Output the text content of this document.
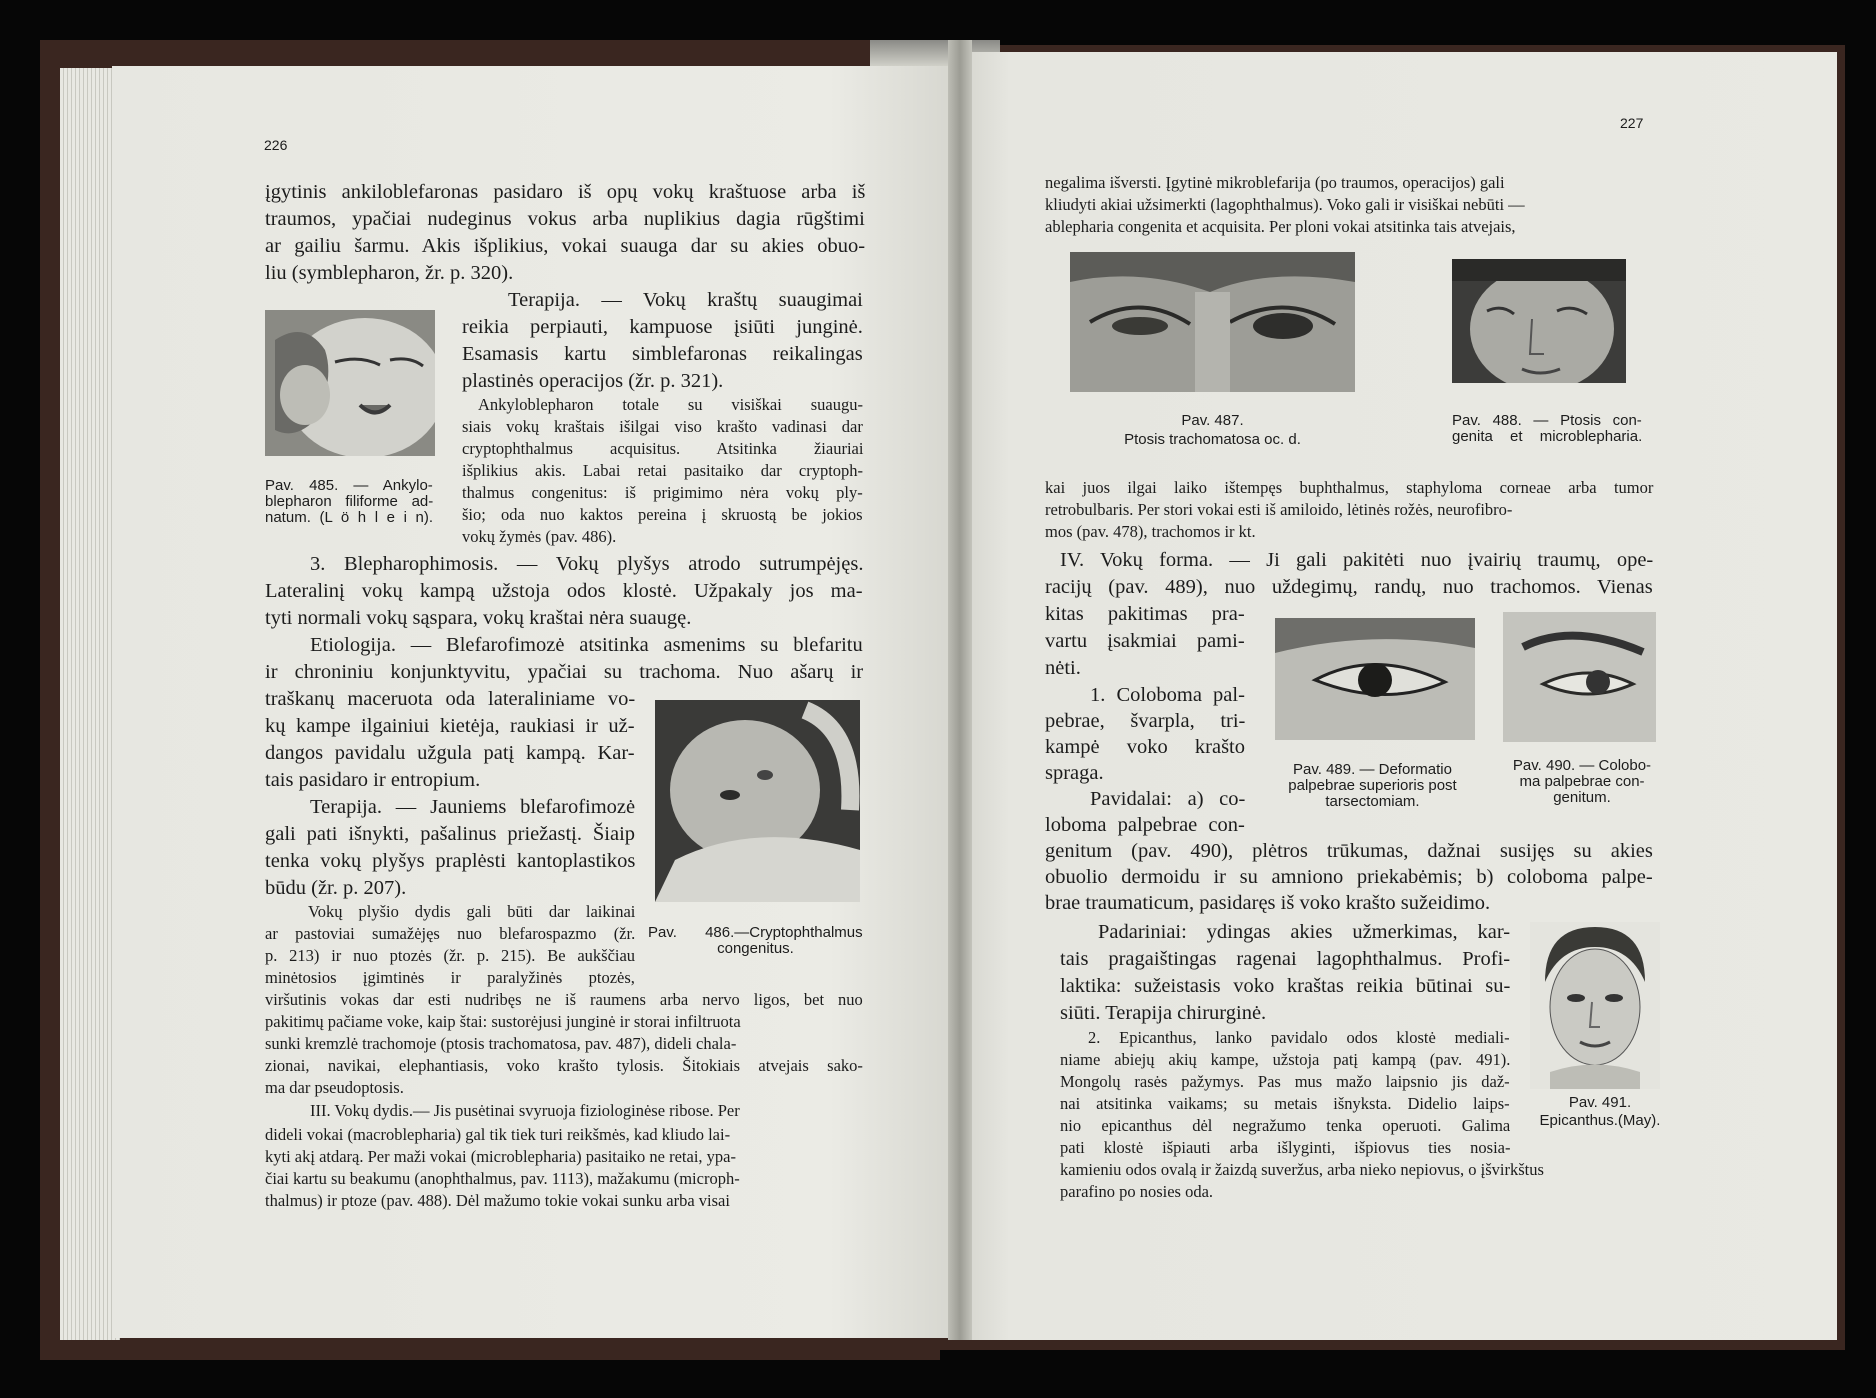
226
227
įgytinis ankiloblefaronas pasidaro iš opų vokų kraštuose arba iš
traumos, ypačiai nudeginus vokus arba nuplikius dagia rūgštimi
ar gailiu šarmu. Akis išplikius, vokai suauga dar su akies obuo-
liu (symblepharon, žr. p. 320).
Terapija. — Vokų kraštų suaugimai
reikia perpiauti, kampuose įsiūti junginė.
Esamasis kartu simblefaronas reikalingas
plastinės operacijos (žr. p. 321).
Ankyloblepharon totale su visiškai suaugu-
siais vokų kraštais išilgai viso krašto vadinasi dar
cryptophthalmus acquisitus. Atsitinka žiauriai
išplikius akis. Labai retai pasitaiko dar cryptoph-
thalmus congenitus: iš prigimimo nėra vokų ply-
šio; oda nuo kaktos pereina į skruostą be jokios
vokų žymės (pav. 486).
3. Blepharophimosis. — Vokų plyšys atrodo sutrumpėjęs.
Lateralinį vokų kampą užstoja odos klostė. Užpakaly jos ma-
tyti normali vokų sąspara, vokų kraštai nėra suaugę.
Etiologija. — Blefarofimozė atsitinka asmenims su blefaritu
ir chroniniu konjunktyvitu, ypačiai su trachoma. Nuo ašarų ir
traškanų maceruota oda lateraliniame vo-
kų kampe ilgainiui kietėja, raukiasi ir už-
dangos pavidalu užgula patį kampą. Kar-
tais pasidaro ir entropium.
Terapija. — Jauniems blefarofimozė
gali pati išnykti, pašalinus priežastį. Šiaip
tenka vokų plyšys praplėsti kantoplastikos
būdu (žr. p. 207).
Vokų plyšio dydis gali būti dar laikinai
ar pastoviai sumažėjęs nuo blefarospazmo (žr.
p. 213) ir nuo ptozės (žr. p. 215). Be aukščiau
minėtosios įgimtinės ir paralyžinės ptozės,
viršutinis vokas dar esti nudribęs ne iš raumens arba nervo ligos, bet nuo
pakitimų pačiame voke, kaip štai: sustorėjusi junginė ir storai infiltruota
sunki kremzlė trachomoje (ptosis trachomatosa, pav. 487), dideli chala-
zionai, navikai, elephantiasis, voko krašto tylosis. Šitokiais atvejais sako-
ma dar pseudoptosis.
III. Vokų dydis.— Jis pusėtinai svyruoja fiziologinėse ribose. Per
dideli vokai (macroblepharia) gal tik tiek turi reikšmės, kad kliudo lai-
kyti akį atdarą. Per maži vokai (microblepharia) pasitaiko ne retai, ypa-
čiai kartu su beakumu (anophthalmus, pav. 1113), mažakumu (microph-
thalmus) ir ptoze (pav. 488). Dėl mažumo tokie vokai sunku arba visai
Pav. 485. — Ankylo-
blepharon filiforme ad-
natum. (L ö h l e i n).
Pav. 486.—Cryptophthalmus
congenitus.
negalima išversti. Įgytinė mikroblefarija (po traumos, operacijos) gali
kliudyti akiai užsimerkti (lagophthalmus). Voko gali ir visiškai nebūti —
ablepharia congenita et acquisita. Per ploni vokai atsitinka tais atvejais,
kai juos ilgai laiko ištempęs buphthalmus, staphyloma corneae arba tumor
retrobulbaris. Per stori vokai esti iš amiloido, lėtinės rožės, neurofibro-
mos (pav. 478), trachomos ir kt.
IV. Vokų forma. — Ji gali pakitėti nuo įvairių traumų, ope-
racijų (pav. 489), nuo uždegimų, randų, nuo trachomos. Vienas
kitas pakitimas pra-
vartu įsakmiai pami-
nėti.
1. Coloboma pal-
pebrae, švarpla, tri-
kampė voko krašto
spraga.
Pavidalai: a) co-
loboma palpebrae con-
genitum (pav. 490), plėtros trūkumas, dažnai susijęs su akies
obuolio dermoidu ir su amniono priekabėmis; b) coloboma palpe-
brae traumaticum, pasidaręs iš voko krašto sužeidimo.
Padariniai: ydingas akies užmerkimas, kar-
tais pragaištingas ragenai lagophthalmus. Profi-
laktika: sužeistasis voko kraštas reikia būtinai su-
siūti. Terapija chirurginė.
2. Epicanthus, lanko pavidalo odos klostė mediali-
niame abiejų akių kampe, užstoja patį kampą (pav. 491).
Mongolų rasės pažymys. Pas mus mažo laipsnio jis daž-
nai atsitinka vaikams; su metais išnyksta. Didelio laips-
nio epicanthus dėl negražumo tenka operuoti. Galima
pati klostė išpiauti arba išlyginti, išpiovus ties nosia-
kamieniu odos ovalą ir žaizdą suveržus, arba nieko nepiovus, o įšvirkštus
parafino po nosies oda.
Pav. 487.
Ptosis trachomatosa oc. d.
Pav. 488. — Ptosis con-
genita et microblepharia.
Pav. 489. — Deformatio
palpebrae superioris post
tarsectomiam.
Pav. 490. — Colobo-
ma palpebrae con-
genitum.
Pav. 491.
Epicanthus.(May).
